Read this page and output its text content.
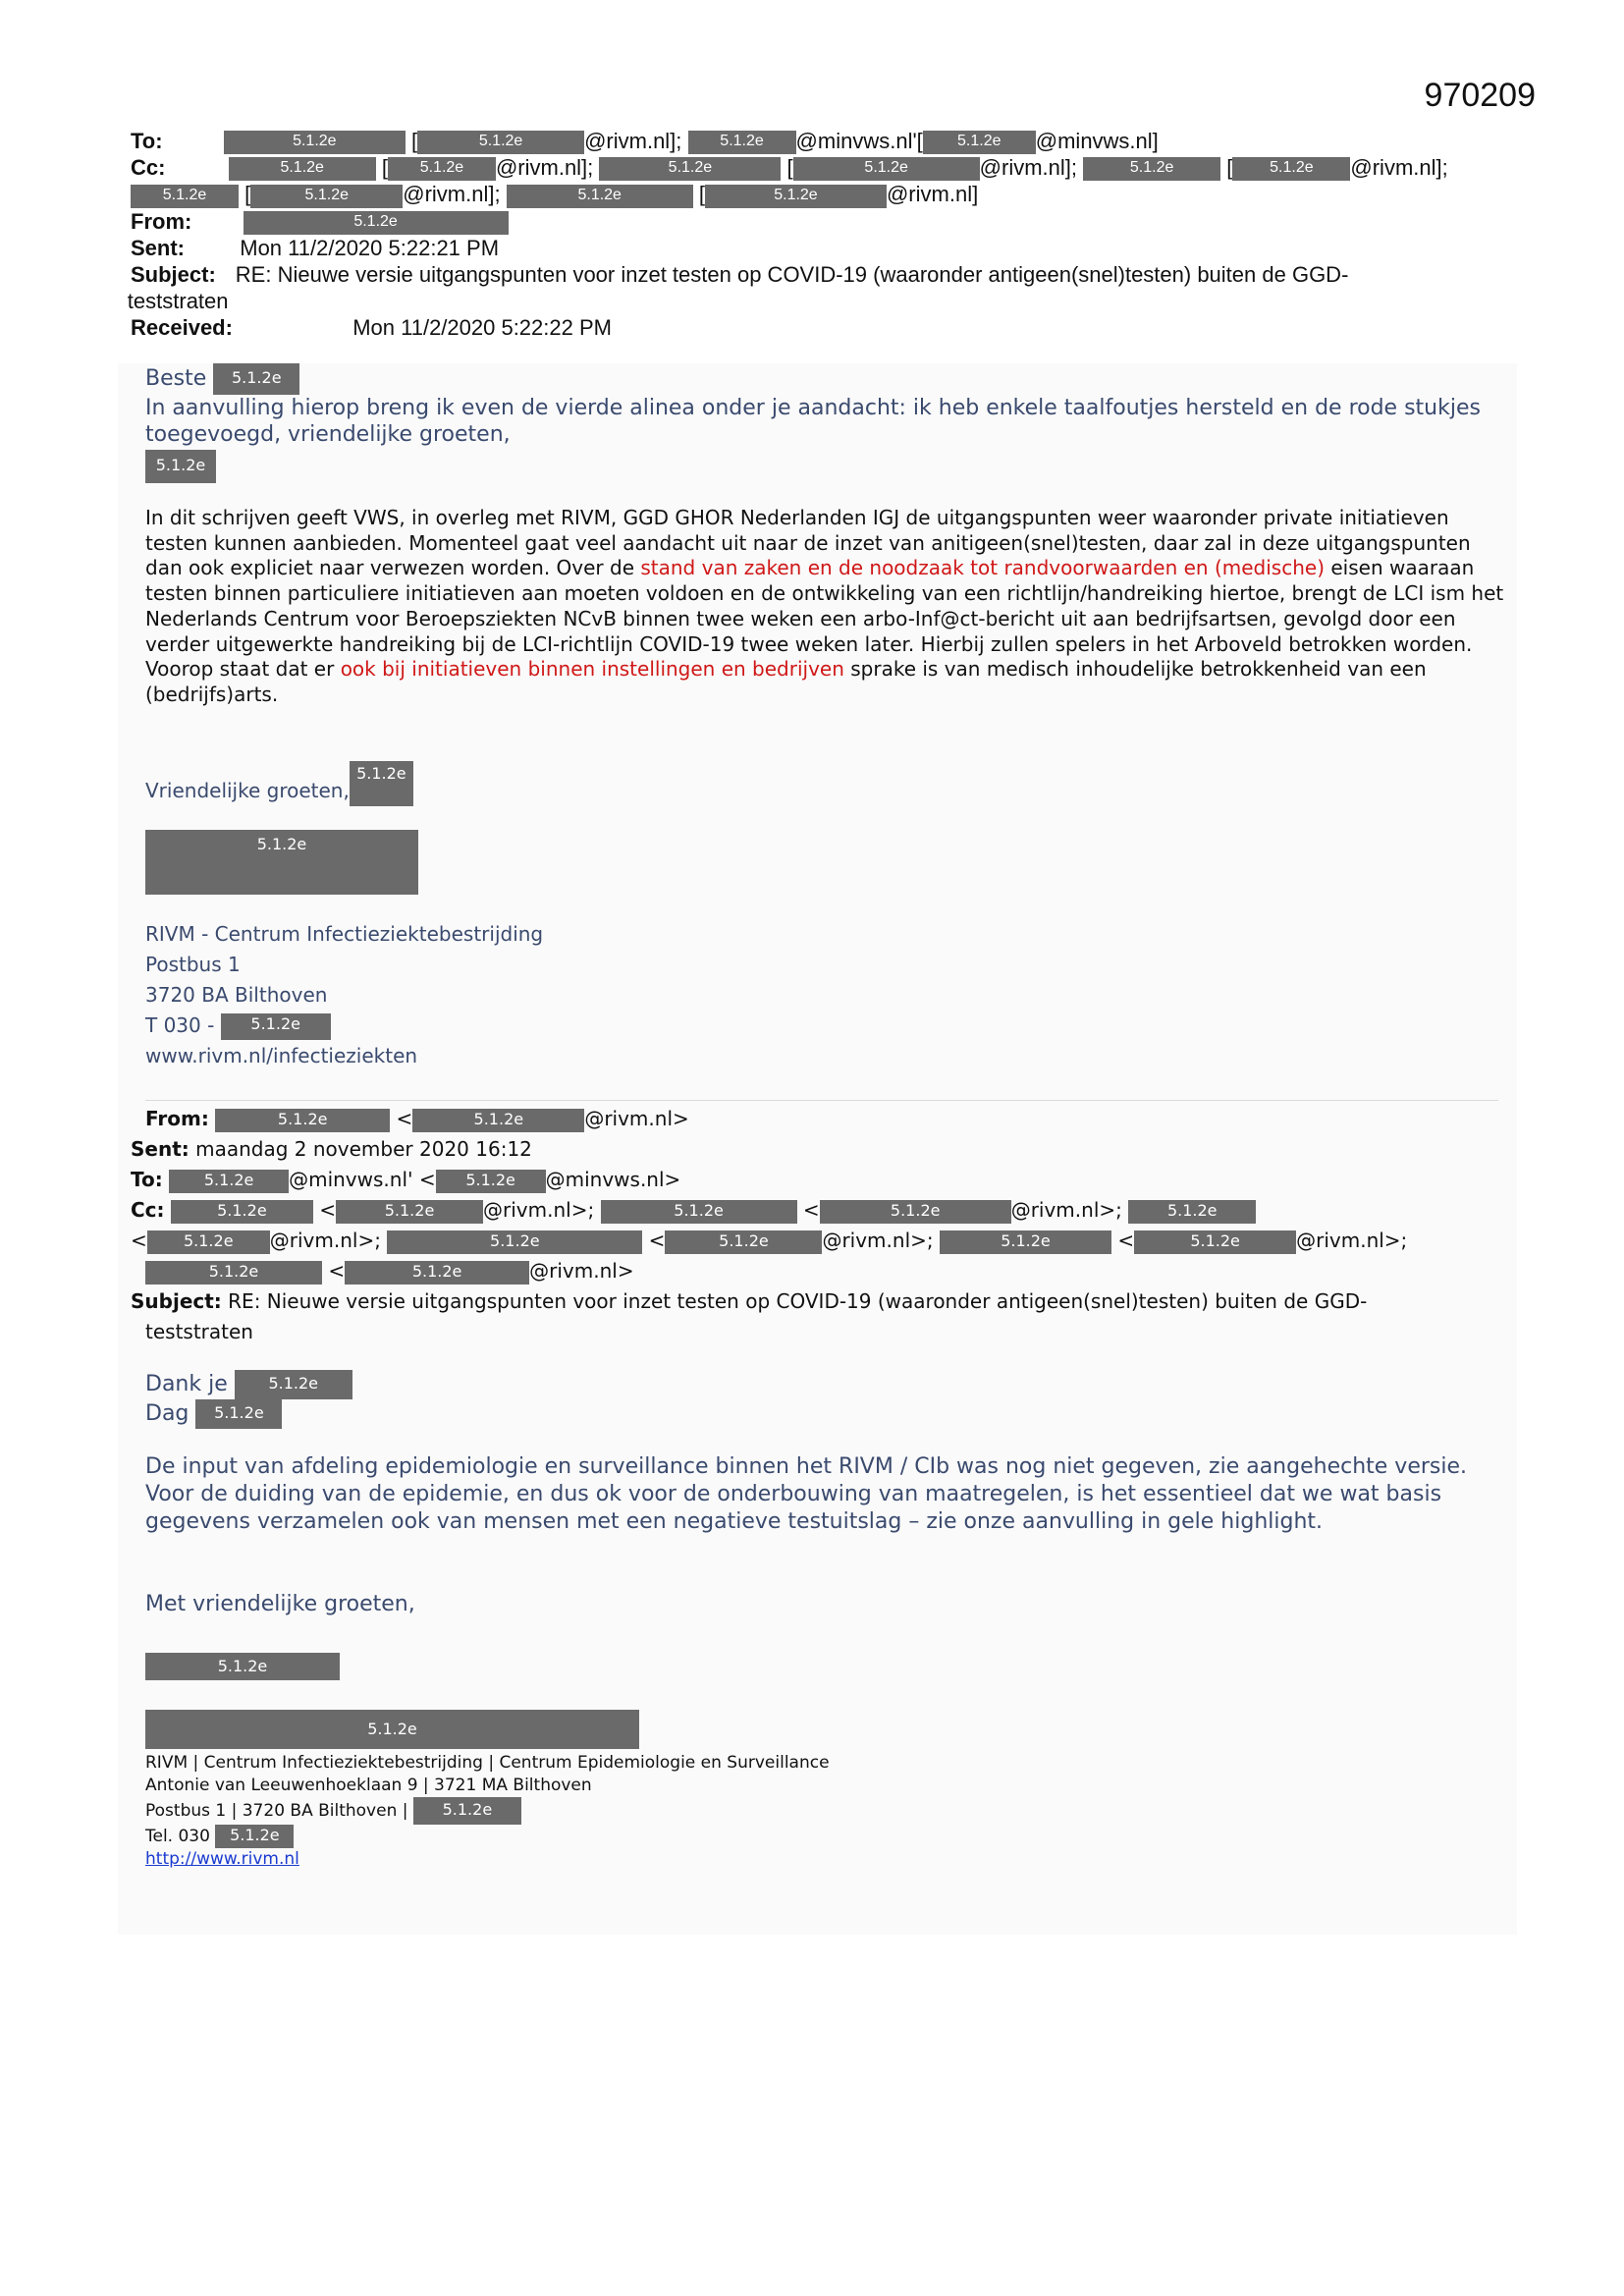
970209
To:	5.1.2e	[	5.1.2e	@rivm.nl]; 5.1.2e @minvws.nl'[ 5.1.2e @minvws.nl]
Cc:	5.1.2e	[ 5.1.2e @rivm.nl];	5.1.2e	[	5.1.2e	@rivm.nl];	5.1.2e [ 5.1.2e @rivm.nl];
5.1.2e [	5.1.2e	@rivm.nl];	5.1.2e	[	5.1.2e	@rivm.nl]
From:	5.1.2e
Sent:	Mon 11/2/2020 5:22:21 PM
Subject: RE: Nieuwe versie uitgangspunten voor inzet testen op COVID-19 (waaronder antigeen(snel)testen) buiten de GGD-teststraten
Received:	Mon 11/2/2020 5:22:22 PM
Beste 5.1.2e
In aanvulling hierop breng ik even de vierde alinea onder je aandacht: ik heb enkele taalfoutjes hersteld en de rode stukjes toegevoegd, vriendelijke groeten,
5.1.2e
In dit schrijven geeft VWS, in overleg met RIVM, GGD GHOR Nederlanden IGJ de uitgangspunten weer waaronder private initiatieven testen kunnen aanbieden. Momenteel gaat veel aandacht uit naar de inzet van anitigeen(snel)testen, daar zal in deze uitgangspunten dan ook expliciet naar verwezen worden. Over de stand van zaken en de noodzaak tot randvoorwaarden en (medische) eisen waaraan testen binnen particuliere initiatieven aan moeten voldoen en de ontwikkeling van een richtlijn/handreiking hiertoe, brengt de LCI ism het Nederlands Centrum voor Beroepsziekten NCvB binnen twee weken een arbo-Inf@ct-bericht uit aan bedrijfsartsen, gevolgd door een verder uitgewerkte handreiking bij de LCI-richtlijn COVID-19 twee weken later. Hierbij zullen spelers in het Arboveld betrokken worden. Voorop staat dat er ook bij initiatieven binnen instellingen en bedrijven sprake is van medisch inhoudelijke betrokkenheid van een (bedrijfs)arts.
Vriendelijke groeten,5.1.2e
5.1.2e
RIVM - Centrum Infectieziektebestrijding
Postbus 1
3720 BA Bilthoven
T 030 - 5.1.2e
www.rivm.nl/infectieziekten
From:	5.1.2e	<	5.1.2e	@rivm.nl>
Sent: maandag 2 november 2020 16:12
To:	5.1.2e @minvws.nl' < 5.1.2e @minvws.nl>
Cc:	5.1.2e	<	5.1.2e @rivm.nl>;	5.1.2e	<	5.1.2e	@rivm.nl>;	5.1.2e
< 5.1.2e @rivm.nl>;	5.1.2e	<	5.1.2e	@rivm.nl>;	5.1.2e	<	5.1.2e	@rivm.nl>;
5.1.2e	<	5.1.2e	@rivm.nl>
Subject: RE: Nieuwe versie uitgangspunten voor inzet testen op COVID-19 (waaronder antigeen(snel)testen) buiten de GGD-
teststraten
Dank je	5.1.2e
Dag 5.1.2e
De input van afdeling epidemiologie en surveillance binnen het RIVM / CIb was nog niet gegeven, zie aangehechte versie. Voor de duiding van de epidemie, en dus ok voor de onderbouwing van maatregelen, is het essentieel dat we wat basis gegevens verzamelen ook van mensen met een negatieve testuitslag – zie onze aanvulling in gele highlight.
Met vriendelijke groeten,
5.1.2e
5.1.2e
RIVM | Centrum Infectieziektebestrijding | Centrum Epidemiologie en Surveillance
Antonie van Leeuwenhoeklaan 9 | 3721 MA Bilthoven
Postbus 1 | 3720 BA Bilthoven | 5.1.2e
Tel. 030 5.1.2e
http://www.rivm.nl
